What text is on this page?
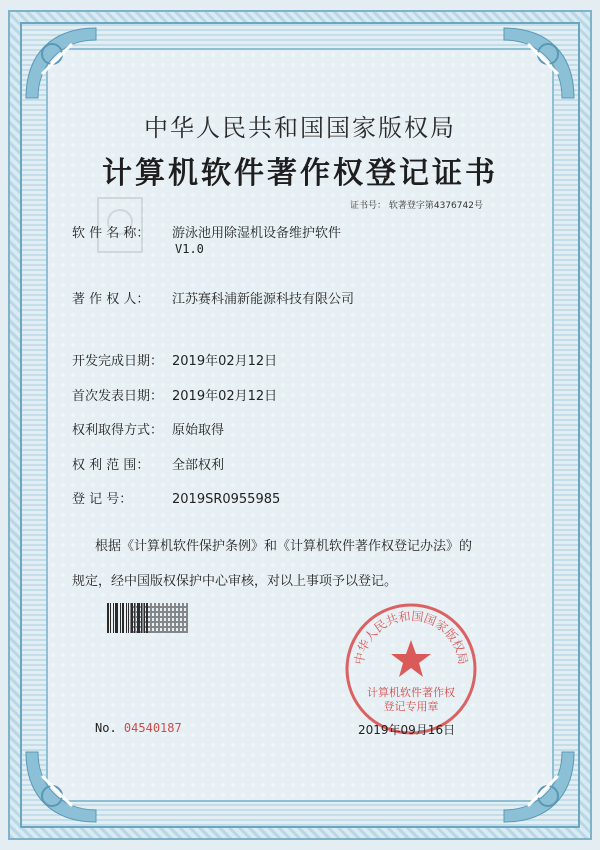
中华人民共和国国家版权局
计算机软件著作权登记证书
证书号： 软著登字第4376742号
软 件 名 称： 游泳池用除湿机设备维护软件
V1.0
著 作 权 人： 江苏赛科浦新能源科技有限公司
开发完成日期： 2019年02月12日
首次发表日期： 2019年02月12日
权利取得方式： 原始取得
权 利 范 围： 全部权利
登 记 号：	2019SR0955985
根据《计算机软件保护条例》和《计算机软件著作权登记办法》的
规定，经中国版权保护中心审核，对以上事项予以登记。
No. 04540187
中华人民共和国国家版权局
计算机软件著作权
登记专用章
2019年09月16日
